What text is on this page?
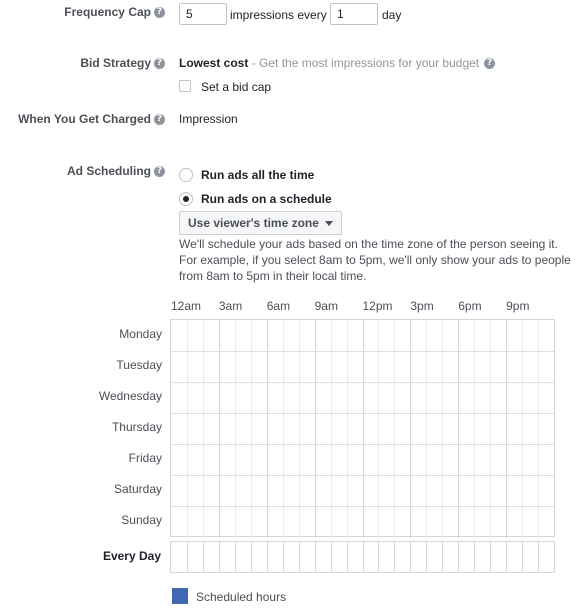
Frequency Cap ?	5	impressions every 1	day
Bid Strategy ? Lowest cost - Get the most impressions for your budget ?
Set a bid cap
When You Get Charged ? Impression
Ad Scheduling ?	Run ads all the time
Run ads on a schedule
Use viewer's time zone
We'll schedule your ads based on the time zone of the person seeing it. For example, if you select 8am to 5pm, we'll only show your ads to people from 8am to 5pm in their local time.
12am 3am 6am 9am 12pm 3pm 6pm 9pm
Monday
Tuesday
Wednesday
Thursday
Friday
Saturday
Sunday
Every Day
Scheduled hours
